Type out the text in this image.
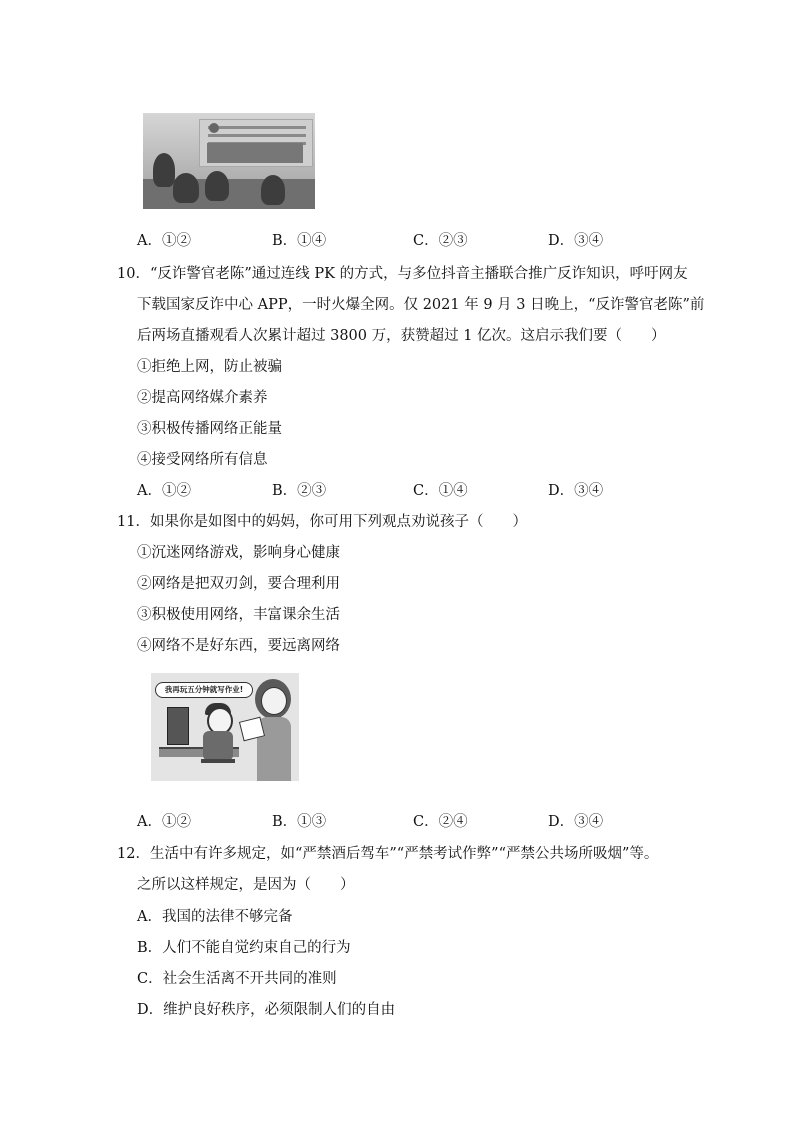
A．①②	B．①④	C．②③	D．③④
10．“反诈警官老陈”通过连线 PK 的方式，与多位抖音主播联合推广反诈知识，呼吁网友
下载国家反诈中心 APP，一时火爆全网。仅 2021 年 9 月 3 日晚上，“反诈警官老陈”前
后两场直播观看人次累计超过 3800 万，获赞超过 1 亿次。这启示我们要（　　）
①拒绝上网，防止被骗
②提高网络媒介素养
③积极传播网络正能量
④接受网络所有信息
A．①②	B．②③	C．①④	D．③④
11．如果你是如图中的妈妈，你可用下列观点劝说孩子（　　）
①沉迷网络游戏，影响身心健康
②网络是把双刃剑，要合理利用
③积极使用网络，丰富课余生活
④网络不是好东西，要远离网络
我再玩五分钟就写作业!
A．①②	B．①③	C．②④	D．③④
12．生活中有许多规定，如“严禁酒后驾车”“严禁考试作弊”“严禁公共场所吸烟”等。
之所以这样规定，是因为（　　）
A．我国的法律不够完备
B．人们不能自觉约束自己的行为
C．社会生活离不开共同的准则
D．维护良好秩序，必须限制人们的自由
